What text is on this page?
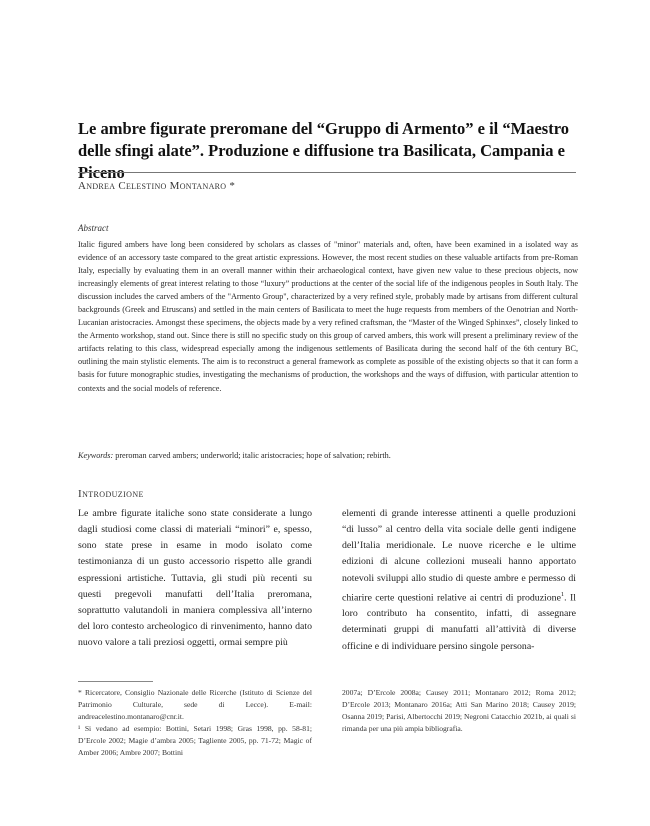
Le ambre figurate preromane del “Gruppo di Armento” e il “Maestro delle sfingi alate”. Produzione e diffusione tra Basilicata, Campania e Piceno
Andrea Celestino Montanaro *
Abstract

Italic figured ambers have long been considered by scholars as classes of "minor" materials and, often, have been examined in a isolated way as evidence of an accessory taste compared to the great artistic expressions. However, the most recent studies on these valuable artifacts from pre-Roman Italy, especially by evaluating them in an overall manner within their archaeological context, have given new value to these precious objects, now increasingly elements of great interest relating to those “luxury” productions at the center of the social life of the indigenous peoples in South Italy. The discussion includes the carved ambers of the "Armento Group", characterized by a very refined style, probably made by artisans from different cultural backgrounds (Greek and Etruscans) and settled in the main centers of Basilicata to meet the huge requests from members of the Oenotrian and North-Lucanian aristocracies. Amongst these specimens, the objects made by a very refined craftsman, the “Master of the Winged Sphinxes”, closely linked to the Armento workshop, stand out. Since there is still no specific study on this group of carved ambers, this work will present a preliminary review of the artifacts relating to this class, widespread especially among the indigenous settlements of Basilicata during the second half of the 6th century BC, outlining the main stylistic elements. The aim is to reconstruct a general framework as complete as possible of the existing objects so that it can form a basis for future monographic studies, investigating the mechanisms of production, the workshops and the ways of diffusion, with particular attention to contexts and the social models of reference.

Keywords: preroman carved ambers; underworld; italic aristocracies; hope of salvation; rebirth.

Introduzione

Le ambre figurate italiche sono state considerate a lungo dagli studiosi come classi di materiali “minori” e, spesso, sono state prese in esame in modo isolato come testimonianza di un gusto accessorio rispetto alle grandi espressioni artistiche. Tuttavia, gli studi più recenti su questi pregevoli manufatti dell’Italia preromana, soprattutto valutandoli in maniera complessiva all’interno del loro contesto archeologico di rinvenimento, hanno dato nuovo valore a tali preziosi oggetti, ormai sempre più

elementi di grande interesse attinenti a quelle produzioni “di lusso” al centro della vita sociale delle genti indigene dell’Italia meridionale. Le nuove ricerche e le ultime edizioni di alcune collezioni museali hanno apportato notevoli sviluppi allo studio di queste ambre e permesso di chiarire certe questioni relative ai centri di produzione$^1$. Il loro contributo ha consentito, infatti, di assegnare determinati gruppi di manufatti all’attività di diverse officine e di individuare persino singole persona-

* Ricercatore, Consiglio Nazionale delle Ricerche (Istituto di Scienze del Patrimonio Culturale, sede di Lecce). E-mail: andreacelestino.montanaro@cnr.it.

¹ Si vedano ad esempio: Bottini, Setari 1998; Gras 1998, pp. 58-81; D’Ercole 2002; Magie d’ambra 2005; Tagliente 2005, pp. 71-72; Magic of Amber 2006; Ambre 2007; Bottini

2007a; D’Ercole 2008a; Causey 2011; Montanaro 2012; Roma 2012; D’Ercole 2013; Montanaro 2016a; Atti San Marino 2018; Causey 2019; Osanna 2019; Parisi, Albertocchi 2019; Negroni Catacchio 2021b, ai quali si rimanda per una più ampia bibliografia.
